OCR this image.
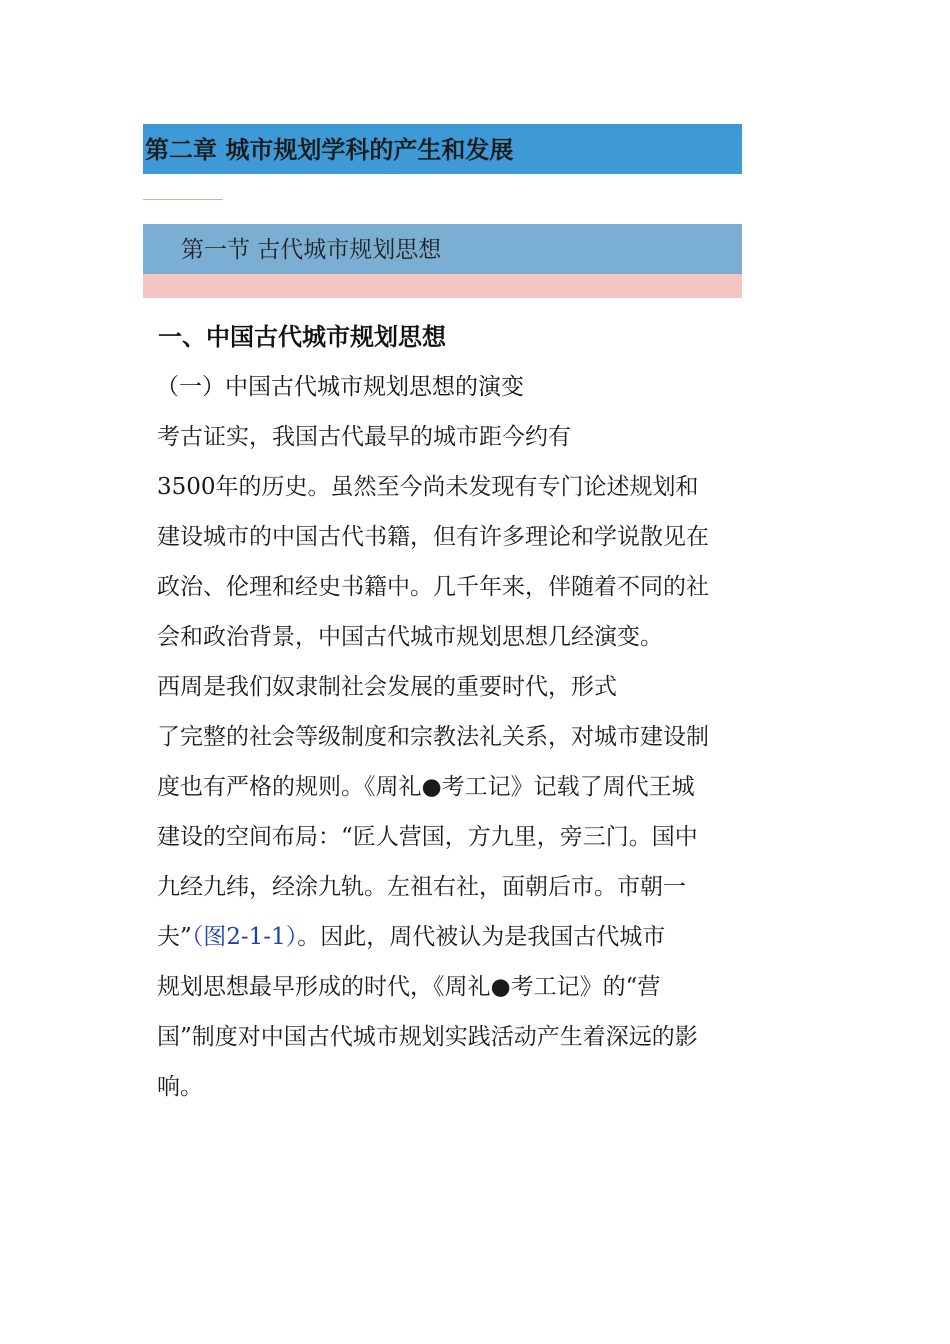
第二章 城市规划学科的产生和发展
第一节 古代城市规划思想
一、中国古代城市规划思想
（一）中国古代城市规划思想的演变
考古证实，我国古代最早的城市距今约有
3500年的历史。虽然至今尚未发现有专门论述规划和
建设城市的中国古代书籍，但有许多理论和学说散见在
政治、伦理和经史书籍中。几千年来，伴随着不同的社
会和政治背景，中国古代城市规划思想几经演变。
西周是我们奴隶制社会发展的重要时代，形式
了完整的社会等级制度和宗教法礼关系，对城市建设制
度也有严格的规则。《周礼●考工记》记载了周代王城
建设的空间布局：“匠人营国，方九里，旁三门。国中
九经九纬，经涂九轨。左祖右社，面朝后市。市朝一
夫”（图2-1-1）。因此，周代被认为是我国古代城市
规划思想最早形成的时代，《周礼●考工记》的“营
国”制度对中国古代城市规划实践活动产生着深远的影
响。
